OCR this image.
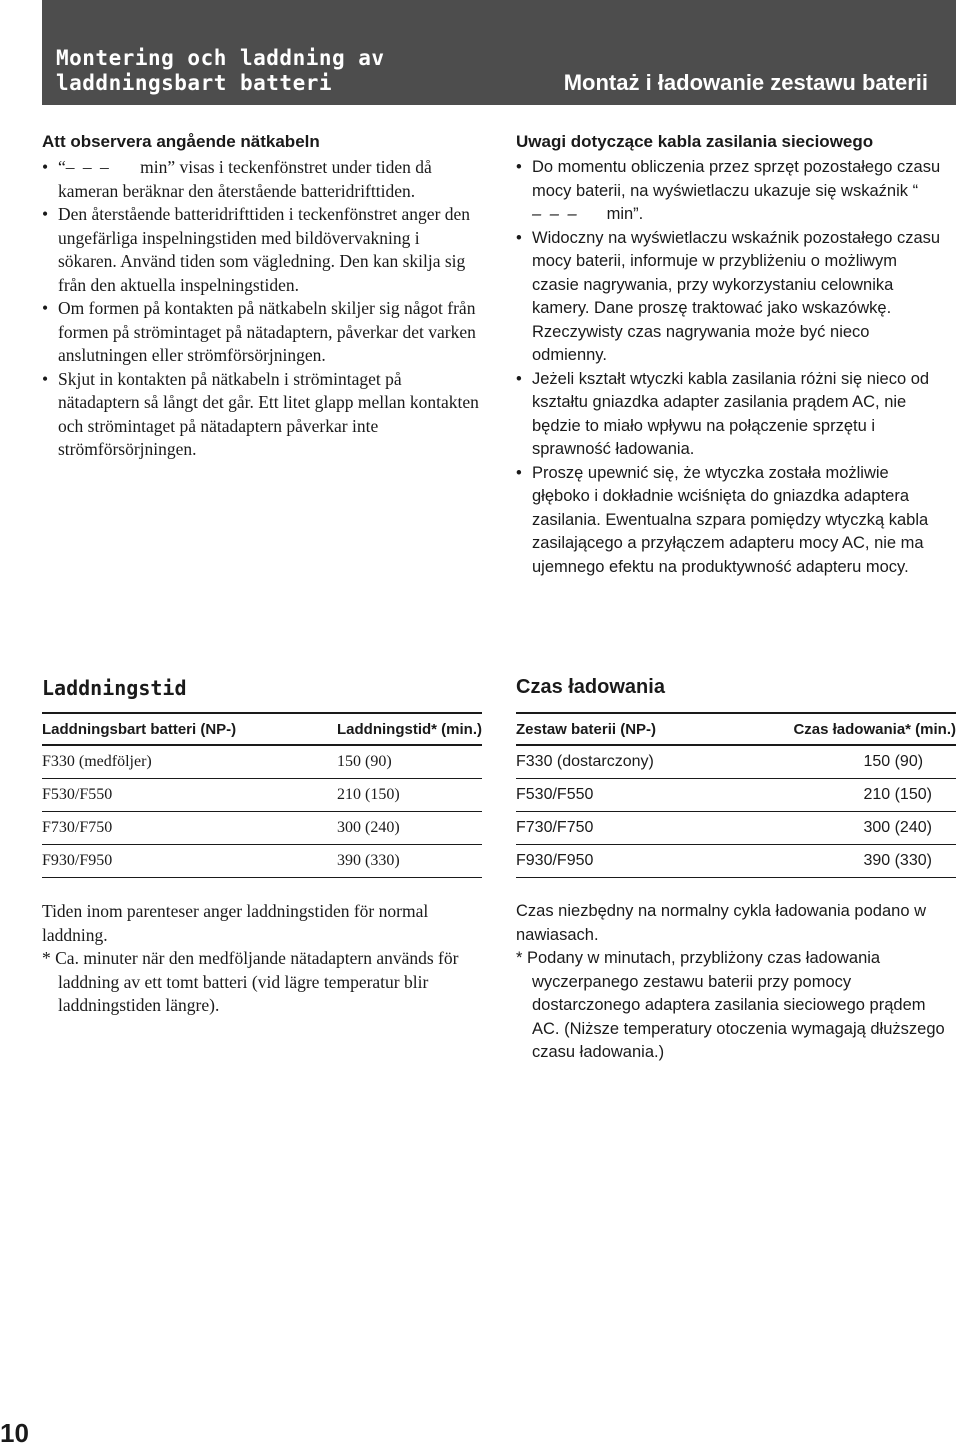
Montering och laddning av
laddningsbart batteri	Montaż i ładowanie zestawu baterii
Att observera angående nätkabeln
• “– – – min” visas i teckenfönstret under tiden då kameran beräknar den återstående batteridrifttiden.
• Den återstående batteridrifttiden i teckenfönstret anger den ungefärliga inspelningstiden med bildövervakning i sökaren. Använd tiden som vägledning. Den kan skilja sig från den aktuella inspelningstiden.
• Om formen på kontakten på nätkabeln skiljer sig något från formen på strömintaget på nätadaptern, påverkar det varken anslutningen eller strömförsörjningen.
• Skjut in kontakten på nätkabeln i strömintaget på nätadaptern så långt det går. Ett litet glapp mellan kontakten och strömintaget på nätadaptern påverkar inte strömförsörjningen.
Uwagi dotyczące kabla zasilania sieciowego
• Do momentu obliczenia przez sprzęt pozostałego czasu mocy baterii, na wyświetlaczu ukazuje się wskaźnik “– – – min”.
• Widoczny na wyświetlaczu wskaźnik pozostałego czasu mocy baterii, informuje w przybliżeniu o możliwym czasie nagrywania, przy wykorzystaniu celownika kamery. Dane proszę traktować jako wskazówkę. Rzeczywisty czas nagrywania może być nieco odmienny.
• Jeżeli kształt wtyczki kabla zasilania różni się nieco od kształtu gniazdka adapter zasilania prądem AC, nie będzie to miało wpływu na połączenie sprzętu i sprawność ładowania.
• Proszę upewnić się, że wtyczka została możliwie głęboko i dokładnie wciśnięta do gniazdka adaptera zasilania. Ewentualna szpara pomiędzy wtyczką kabla zasilającego a przyłączem adapteru mocy AC, nie ma ujemnego efektu na produktywność adapteru mocy.
Laddningstid	Czas ładowania
Laddningsbart batteri (NP-)	Laddningstid* (min.)
F330 (medföljer)	150 (90)
F530/F550	210 (150)
F730/F750	300 (240)
F930/F950	390 (330)
Zestaw baterii (NP-)	Czas ładowania* (min.)
F330 (dostarczony)	150 (90)
F530/F550	210 (150)
F730/F750	300 (240)
F930/F950	390 (330)

Tiden inom parenteser anger laddningstiden för normal laddning.

* Ca. minuter när den medföljande nätadaptern används för laddning av ett tomt batteri (vid lägre temperatur blir laddningstiden längre).

Czas niezbędny na normalny cykla ładowania podano w nawiasach.

* Podany w minutach, przybliżony czas ładowania wyczerpanego zestawu baterii przy pomocy dostarczonego adaptera zasilania sieciowego prądem AC. (Niższe temperatury otoczenia wymagają dłuższego czasu ładowania.)

10
